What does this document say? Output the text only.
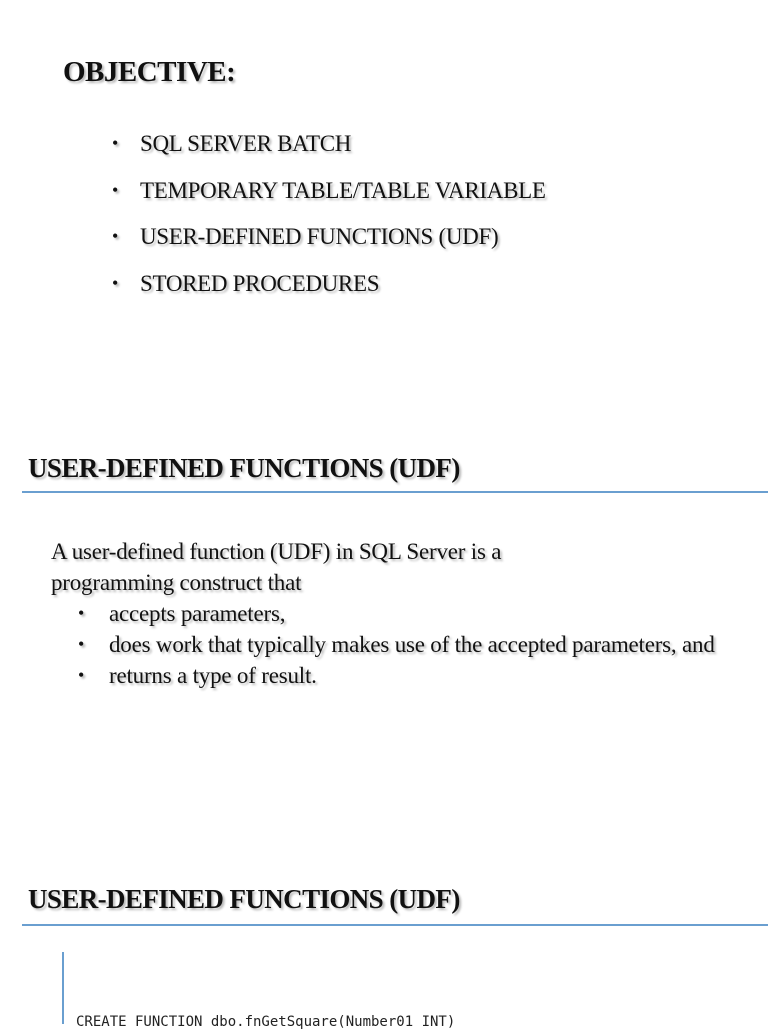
OBJECTIVE:
• SQL SERVER BATCH
• TEMPORARY TABLE/TABLE VARIABLE
• USER-DEFINED FUNCTIONS (UDF)
• STORED PROCEDURES
USER-DEFINED FUNCTIONS (UDF)

A user-defined function (UDF) in SQL Server is a
programming construct that

• accepts parameters,
• does work that typically makes use of the accepted parameters, and
• returns a type of result.
USER-DEFINED FUNCTIONS (UDF)
CREATE FUNCTION dbo.fnGetSquare(Number01 INT)
